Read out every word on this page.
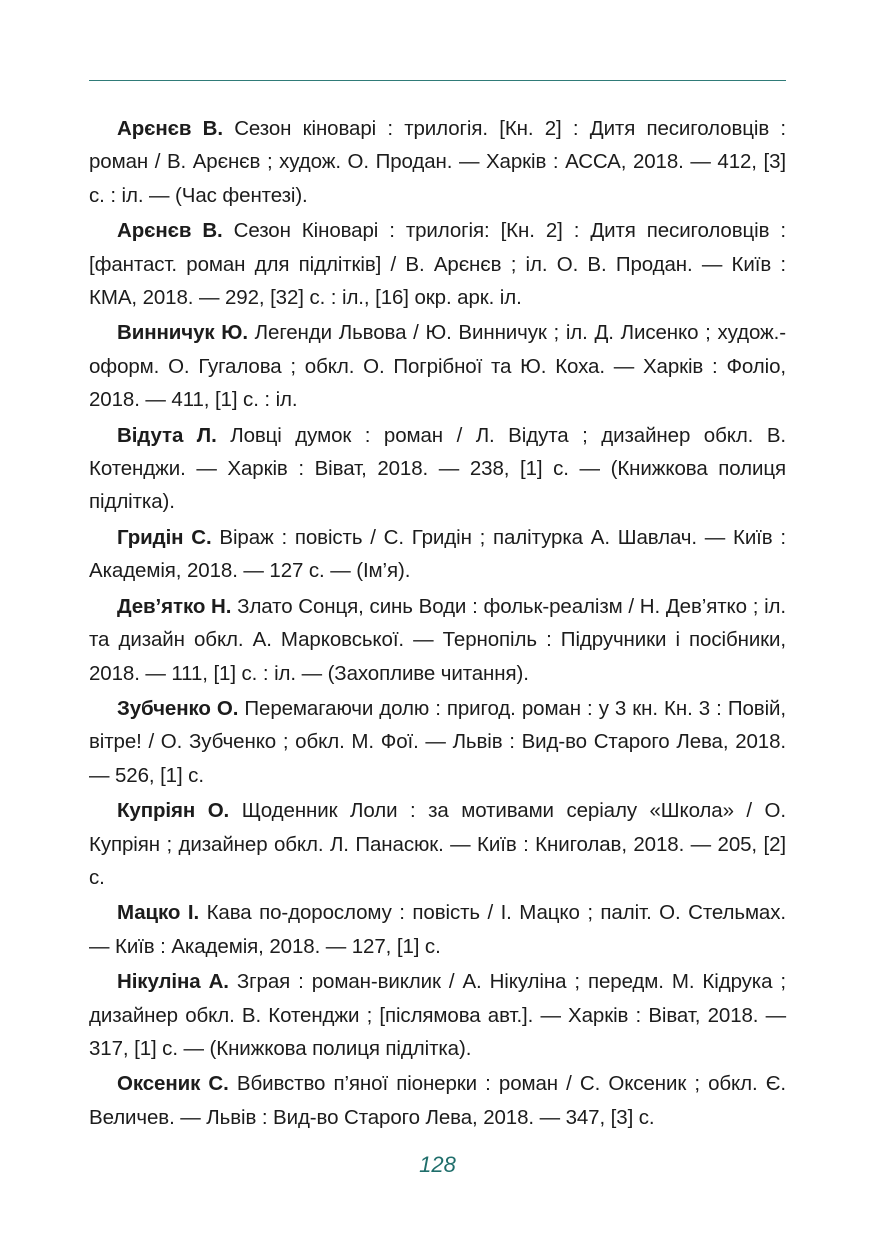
Арєнєв В. Сезон кіноварі : трилогія. [Кн. 2] : Дитя песиголовців : роман / В. Арєнєв ; худож. О. Продан. — Харків : АССА, 2018. — 412, [3] с. : іл. — (Час фентезі).

Арєнєв В. Сезон Кіноварі : трилогія: [Кн. 2] : Дитя песиголовців : [фантаст. роман для підлітків] / В. Арєнєв ; іл. О. В. Продан. — Київ : КМА, 2018. — 292, [32] с. : іл., [16] окр. арк. іл.

Винничук Ю. Легенди Львова / Ю. Винничук ; іл. Д. Лисенко ; худож.-оформ. О. Гугалова ; обкл. О. Погрібної та Ю. Коха. — Харків : Фоліо, 2018. — 411, [1] с. : іл.

Відута Л. Ловці думок : роман / Л. Відута ; дизайнер обкл. В. Котенджи. — Харків : Віват, 2018. — 238, [1] с. — (Книжкова полиця підлітка).

Гридін С. Віраж : повість / С. Гридін ; палітурка А. Шавлач. — Київ : Академія, 2018. — 127 с. — (Ім’я).

Дев’ятко Н. Злато Сонця, синь Води : фольк-реалізм / Н. Дев’ятко ; іл. та дизайн обкл. А. Марковської. — Тернопіль : Підручники і посібники, 2018. — 111, [1] с. : іл. — (Захопливе читання).

Зубченко О. Перемагаючи долю : пригод. роман : у 3 кн. Кн. 3 : Повій, вітре! / О. Зубченко ; обкл. М. Фої. — Львів : Вид-во Старого Лева, 2018. — 526, [1] с.

Купріян О. Щоденник Лоли : за мотивами серіалу «Школа» / О. Купріян ; дизайнер обкл. Л. Панасюк. — Київ : Книголав, 2018. — 205, [2] с.

Мацко І. Кава по-дорослому : повість / І. Мацко ; паліт. О. Стельмах. — Київ : Академія, 2018. — 127, [1] с.

Нікуліна А. Зграя : роман-виклик / А. Нікуліна ; передм. М. Кідрука ; дизайнер обкл. В. Котенджи ; [післямова авт.]. — Харків : Віват, 2018. — 317, [1] с. — (Книжкова полиця підлітка).

Оксеник С. Вбивство п’яної піонерки : роман / С. Оксеник ; обкл. Є. Величев. — Львів : Вид-во Старого Лева, 2018. — 347, [3] с.

128
